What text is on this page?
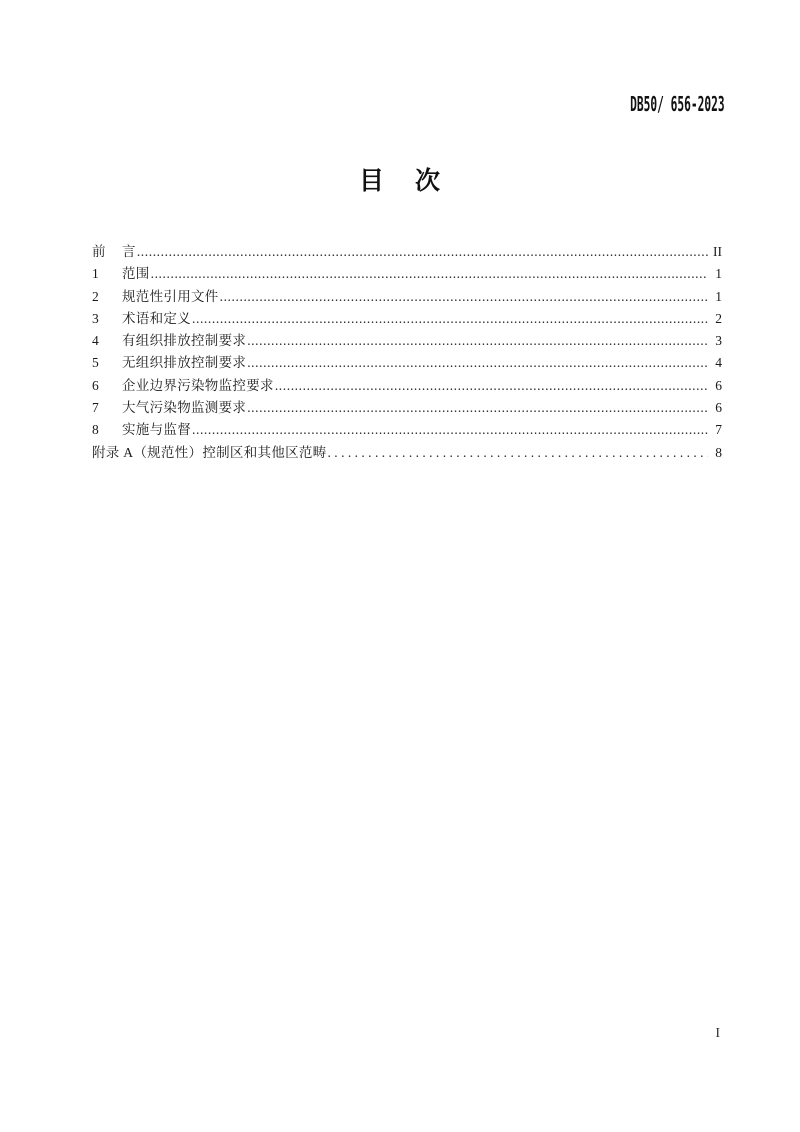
DB50/ 656-2023
目 次
前	言 .....	II
1	范围 .....	1
2	规范性引用文件 .....	1
3	术语和定义 .....	2
4	有组织排放控制要求 .....	3
5	无组织排放控制要求 .....	4
6	企业边界污染物监控要求 .....	6
7	大气污染物监测要求 .....	6
8	实施与监督 .....	7
附录 A（规范性）控制区和其他区范畴 .....	8
I
